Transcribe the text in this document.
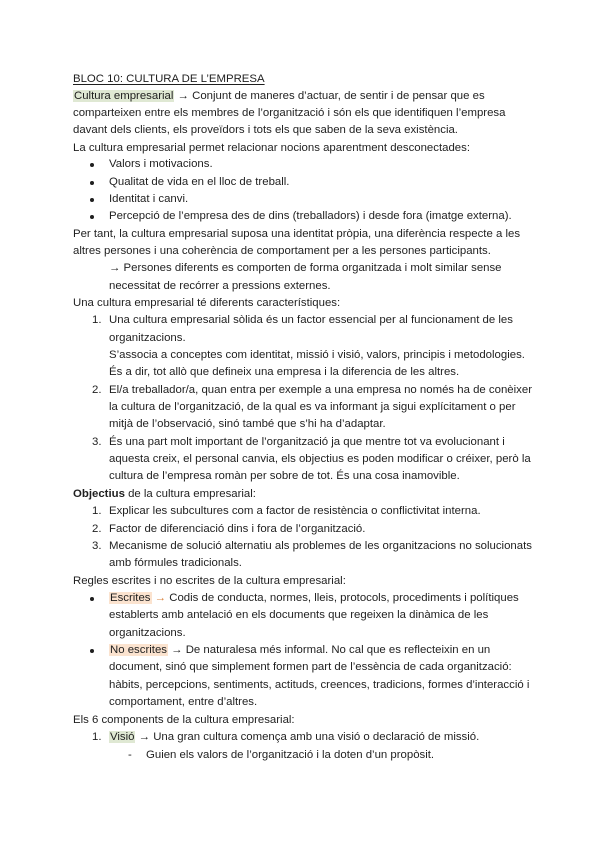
BLOC 10: CULTURA DE L’EMPRESA
Cultura empresarial → Conjunt de maneres d’actuar, de sentir i de pensar que es
comparteixen entre els membres de l’organització i són els que identifiquen l’empresa
davant dels clients, els proveïdors i tots els que saben de la seva existència.
La cultura empresarial permet relacionar nocions aparentment desconectades:
Valors i motivacions.
Qualitat de vida en el lloc de treball.
Identitat i canvi.
Percepció de l’empresa des de dins (treballadors) i desde fora (imatge externa).
Per tant, la cultura empresarial suposa una identitat pròpia, una diferència respecte a les
altres persones i una coherència de comportament per a les persones participants.
→ Persones diferents es comporten de forma organitzada i molt similar sense
necessitat de recórrer a pressions externes.
Una cultura empresarial té diferents característiques:
1. Una cultura empresarial sòlida és un factor essencial per al funcionament de les
organitzacions.
S’associa a conceptes com identitat, missió i visió, valors, principis i metodologies.
És a dir, tot allò que defineix una empresa i la diferencia de les altres.
2. El/a treballador/a, quan entra per exemple a una empresa no només ha de conèixer
la cultura de l’organització, de la qual es va informant ja sigui explícitament o per
mitjà de l’observació, sinó també que s’hi ha d’adaptar.
3. És una part molt important de l’organització ja que mentre tot va evolucionant i
aquesta creix, el personal canvia, els objectius es poden modificar o créixer, però la
cultura de l’empresa romàn per sobre de tot. És una cosa inamovible.
Objectius de la cultura empresarial:
1. Explicar les subcultures com a factor de resistència o conflictivitat interna.
2. Factor de diferenciació dins i fora de l’organització.
3. Mecanisme de solució alternatiu als problemes de les organitzacions no solucionats
amb fórmules tradicionals.
Regles escrites i no escrites de la cultura empresarial:
Escrites → Codis de conducta, normes, lleis, protocols, procediments i polítiques
establerts amb antelació en els documents que regeixen la dinàmica de les
organitzacions.
No escrites → De naturalesa més informal. No cal que es reflecteixin en un
document, sinó que simplement formen part de l’essència de cada organització:
hàbits, percepcions, sentiments, actituds, creences, tradicions, formes d’interacció i
comportament, entre d’altres.
Els 6 components de la cultura empresarial:
1. Visió → Una gran cultura comença amb una visió o declaració de missió.
- Guien els valors de l’organització i la doten d’un propòsit.
